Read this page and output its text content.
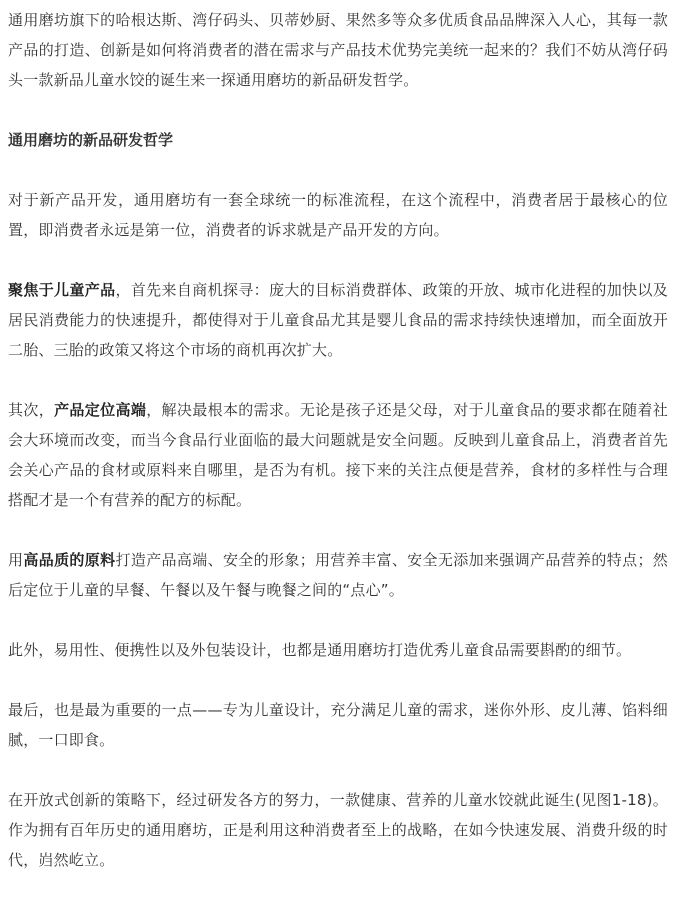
通用磨坊旗下的哈根达斯、湾仔码头、贝蒂妙厨、果然多等众多优质食品品牌深入人心，其每一款产品的打造、创新是如何将消费者的潜在需求与产品技术优势完美统一起来的？我们不妨从湾仔码头一款新品儿童水饺的诞生来一探通用磨坊的新品研发哲学。

通用磨坊的新品研发哲学

对于新产品开发，通用磨坊有一套全球统一的标准流程，在这个流程中，消费者居于最核心的位置，即消费者永远是第一位，消费者的诉求就是产品开发的方向。

聚焦于儿童产品，首先来自商机探寻：庞大的目标消费群体、政策的开放、城市化进程的加快以及居民消费能力的快速提升，都使得对于儿童食品尤其是婴儿食品的需求持续快速增加，而全面放开二胎、三胎的政策又将这个市场的商机再次扩大。

其次，产品定位高端，解决最根本的需求。无论是孩子还是父母，对于儿童食品的要求都在随着社会大环境而改变，而当今食品行业面临的最大问题就是安全问题。反映到儿童食品上，消费者首先会关心产品的食材或原料来自哪里，是否为有机。接下来的关注点便是营养，食材的多样性与合理搭配才是一个有营养的配方的标配。

用高品质的原料打造产品高端、安全的形象；用营养丰富、安全无添加来强调产品营养的特点；然后定位于儿童的早餐、午餐以及午餐与晚餐之间的“点心”。

此外，易用性、便携性以及外包装设计，也都是通用磨坊打造优秀儿童食品需要斟酌的细节。

最后，也是最为重要的一点——专为儿童设计，充分满足儿童的需求，迷你外形、皮儿薄、馅料细腻，一口即食。

在开放式创新的策略下，经过研发各方的努力，一款健康、营养的儿童水饺就此诞生(见图1-18)。作为拥有百年历史的通用磨坊，正是利用这种消费者至上的战略，在如今快速发展、消费升级的时代，岿然屹立。
